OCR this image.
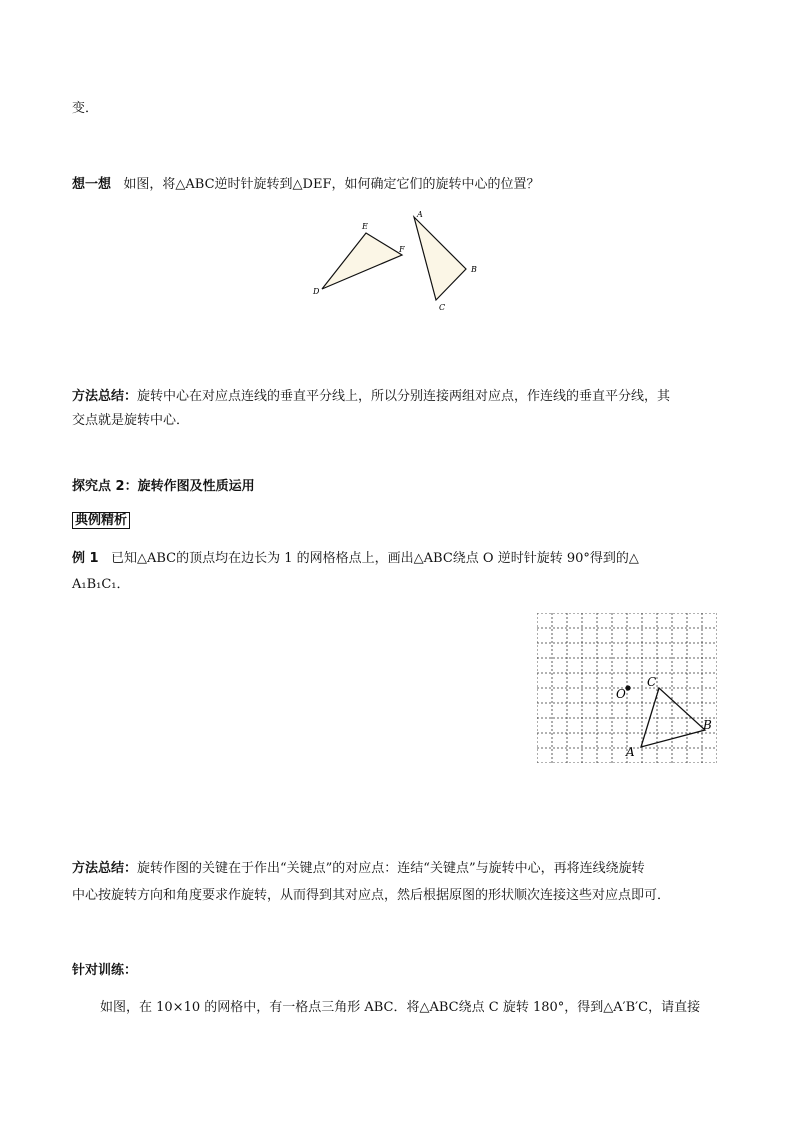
变．
想一想 如图，将△ABC逆时针旋转到△DEF，如何确定它们的旋转中心的位置？
E
F
D
A
B
C
方法总结：旋转中心在对应点连线的垂直平分线上，所以分别连接两组对应点，作连线的垂直平分线，其
交点就是旋转中心．
探究点 2：旋转作图及性质运用
典例精析
例 1 已知△ABC的顶点均在边长为 1 的网格格点上，画出△ABC绕点 O 逆时针旋转 90°得到的△
A₁B₁C₁．
O
C
B
A
方法总结：旋转作图的关键在于作出“关键点”的对应点：连结“关键点”与旋转中心，再将连线绕旋转
中心按旋转方向和角度要求作旋转，从而得到其对应点，然后根据原图的形状顺次连接这些对应点即可．
针对训练：
如图，在 10×10 的网格中，有一格点三角形 ABC．将△ABC绕点 C 旋转 180°，得到△A′B′C，请直接
